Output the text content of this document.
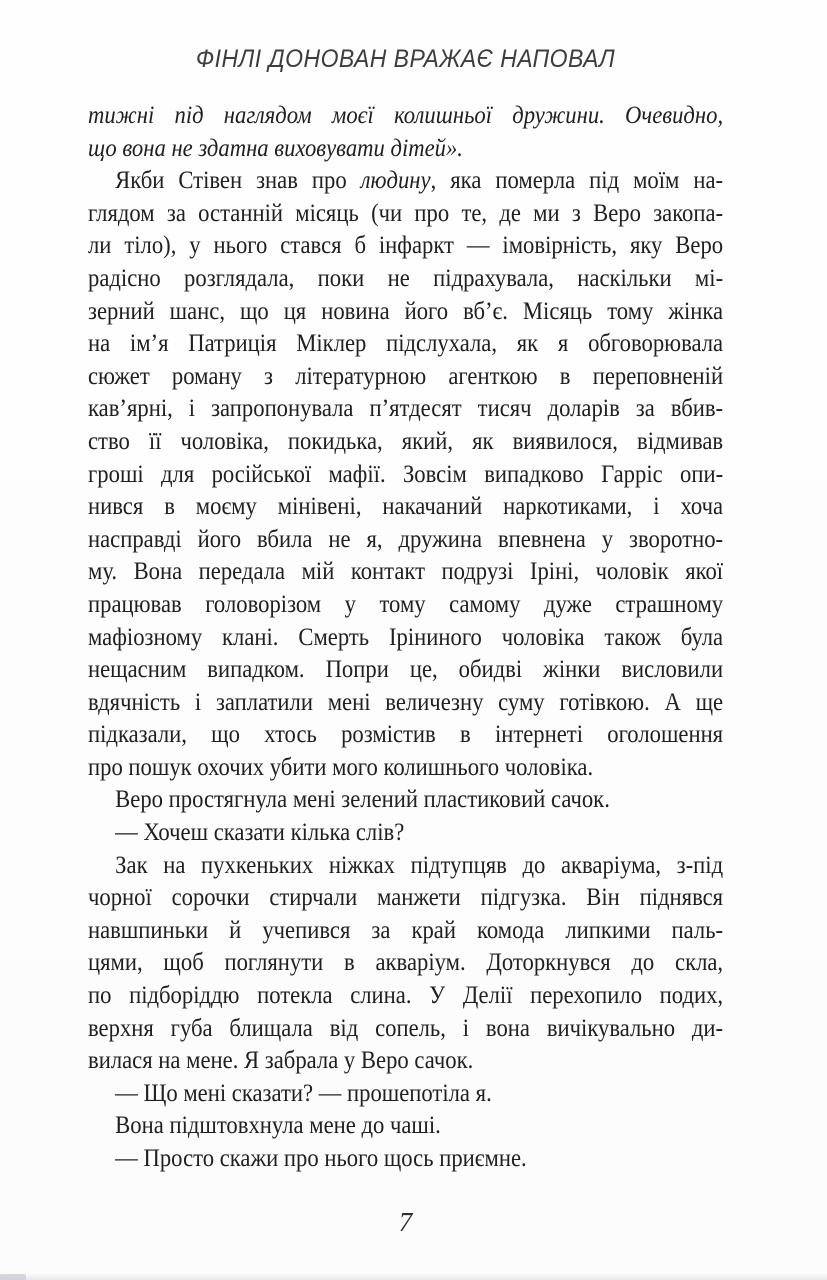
ФІНЛІ ДОНОВАН ВРАЖАЄ НАПОВАЛ
тижні під наглядом моєї колишньої дружини. Очевидно,
що вона не здатна виховувати дітей».
Якби Стівен знав про людину, яка померла під моїм на-
глядом за останній місяць (чи про те, де ми з Веро закопа-
ли тіло), у нього стався б інфаркт — імовірність, яку Веро
радісно розглядала, поки не підрахувала, наскільки мі-
зерний шанс, що ця новина його вб’є. Місяць тому жінка
на ім’я Патриція Міклер підслухала, як я обговорювала
сюжет роману з літературною агенткою в переповненій
кав’ярні, і запропонувала п’ятдесят тисяч доларів за вбив-
ство її чоловіка, покидька, який, як виявилося, відмивав
гроші для російської мафії. Зовсім випадково Гарріс опи-
нився в моєму мінівені, накачаний наркотиками, і хоча
насправді його вбила не я, дружина впевнена у зворотно-
му. Вона передала мій контакт подрузі Іріні, чоловік якої
працював головорізом у тому самому дуже страшному
мафіозному клані. Смерть Іріниного чоловіка також була
нещасним випадком. Попри це, обидві жінки висловили
вдячність і заплатили мені величезну суму готівкою. А ще
підказали, що хтось розмістив в інтернеті оголошення
про пошук охочих убити мого колишнього чоловіка.
Веро простягнула мені зелений пластиковий сачок.
— Хочеш сказати кілька слів?
Зак на пухкеньких ніжках підтупцяв до акваріума, з-під
чорної сорочки стирчали манжети підгузка. Він піднявся
навшпиньки й учепився за край комода липкими паль-
цями, щоб поглянути в акваріум. Доторкнувся до скла,
по підборіддю потекла слина. У Делії перехопило подих,
верхня губа блищала від сопель, і вона вичікувально ди-
вилася на мене. Я забрала у Веро сачок.
— Що мені сказати? — прошепотіла я.
Вона підштовхнула мене до чаші.
— Просто скажи про нього щось приємне.
7
